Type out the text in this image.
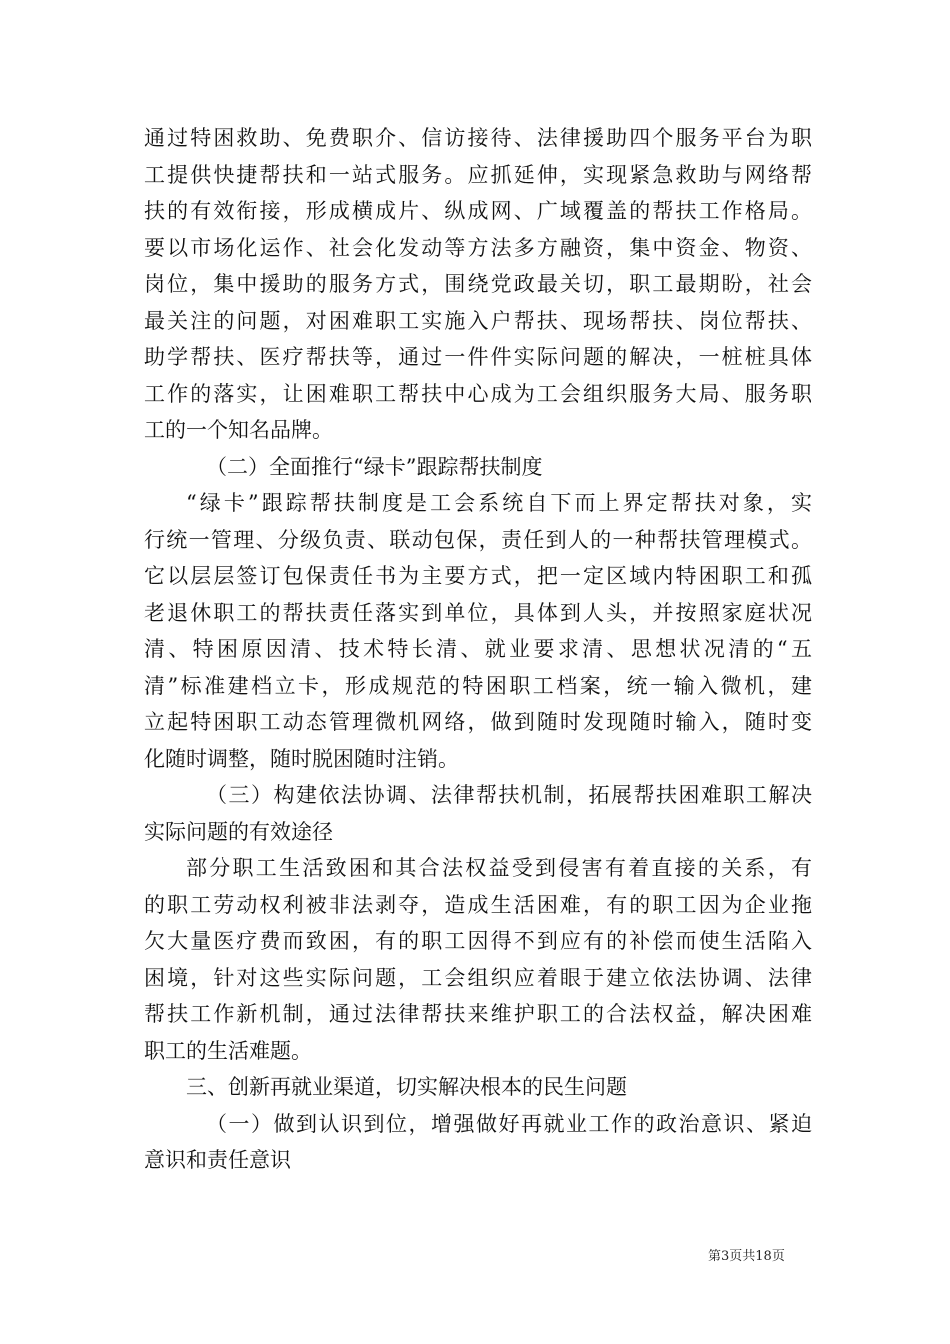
通过特困救助、免费职介、信访接待、法律援助四个服务平台为职
工提供快捷帮扶和一站式服务。应抓延伸，实现紧急救助与网络帮
扶的有效衔接，形成横成片、纵成网、广域覆盖的帮扶工作格局。
要以市场化运作、社会化发动等方法多方融资，集中资金、物资、
岗位，集中援助的服务方式，围绕党政最关切，职工最期盼，社会
最关注的问题，对困难职工实施入户帮扶、现场帮扶、岗位帮扶、
助学帮扶、医疗帮扶等，通过一件件实际问题的解决，一桩桩具体
工作的落实，让困难职工帮扶中心成为工会组织服务大局、服务职
工的一个知名品牌。
（二）全面推行“绿卡”跟踪帮扶制度
“绿卡”跟踪帮扶制度是工会系统自下而上界定帮扶对象，实
行统一管理、分级负责、联动包保，责任到人的一种帮扶管理模式。
它以层层签订包保责任书为主要方式，把一定区域内特困职工和孤
老退休职工的帮扶责任落实到单位，具体到人头，并按照家庭状况
清、特困原因清、技术特长清、就业要求清、思想状况清的“五
清”标准建档立卡，形成规范的特困职工档案，统一输入微机，建
立起特困职工动态管理微机网络，做到随时发现随时输入，随时变
化随时调整，随时脱困随时注销。
（三）构建依法协调、法律帮扶机制，拓展帮扶困难职工解决
实际问题的有效途径
部分职工生活致困和其合法权益受到侵害有着直接的关系，有
的职工劳动权利被非法剥夺，造成生活困难，有的职工因为企业拖
欠大量医疗费而致困，有的职工因得不到应有的补偿而使生活陷入
困境，针对这些实际问题，工会组织应着眼于建立依法协调、法律
帮扶工作新机制，通过法律帮扶来维护职工的合法权益，解决困难
职工的生活难题。
三、创新再就业渠道，切实解决根本的民生问题
（一）做到认识到位，增强做好再就业工作的政治意识、紧迫
意识和责任意识
第3页共18页
